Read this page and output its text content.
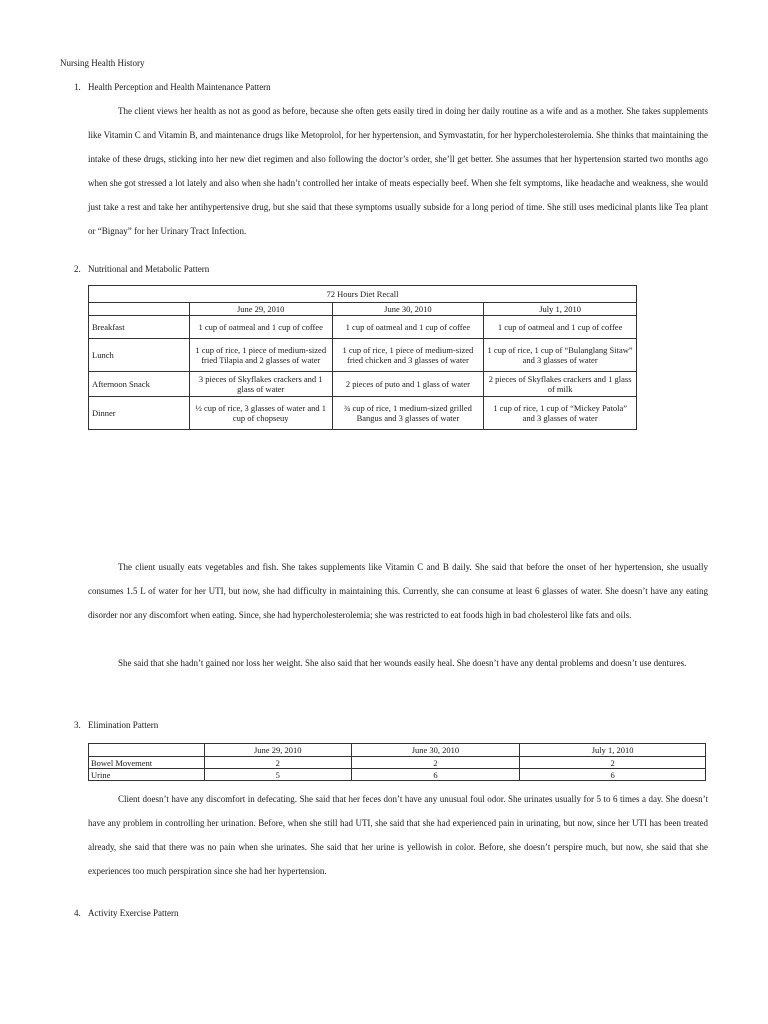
Nursing Health History
1. Health Perception and Health Maintenance Pattern
The client views her health as not as good as before, because she often gets easily tired in doing her daily routine as a wife and as a mother. She takes supplements like Vitamin C and Vitamin B, and maintenance drugs like Metoprolol, for her hypertension, and Symvastatin, for her hypercholesterolemia. She thinks that maintaining the intake of these drugs, sticking into her new diet regimen and also following the doctor’s order, she’ll get better. She assumes that her hypertension started two months ago when she got stressed a lot lately and also when she hadn’t controlled her intake of meats especially beef. When she felt symptoms, like headache and weakness, she would just take a rest and take her antihypertensive drug, but she said that these symptoms usually subside for a long period of time. She still uses medicinal plants like Tea plant or “Bignay” for her Urinary Tract Infection.
2. Nutritional and Metabolic Pattern
72 Hours Diet Recall			
	June 29, 2010	June 30, 2010	July 1, 2010
Breakfast	1 cup of oatmeal and 1 cup of coffee	1 cup of oatmeal and 1 cup of coffee	1 cup of oatmeal and 1 cup of coffee
Lunch	1 cup of rice, 1 piece of medium-sized fried Tilapia and 2 glasses of water	1 cup of rice, 1 piece of medium-sized fried chicken and 3 glasses of water	1 cup of rice, 1 cup of “Bulanglang Sitaw” and 3 glasses of water
Afternoon Snack	3 pieces of Skyflakes crackers and 1 glass of water	2 pieces of puto and 1 glass of water	2 pieces of Skyflakes crackers and 1 glass of milk
Dinner	½ cup of rice, 3 glasses of water and 1 cup of chopseuy	¾ cup of rice, 1 medium-sized grilled Bangus and 3 glasses of water	1 cup of rice, 1 cup of “Mickey Patola” and 3 glasses of water
The client usually eats vegetables and fish. She takes supplements like Vitamin C and B daily. She said that before the onset of her hypertension, she usually consumes 1.5 L of water for her UTI, but now, she had difficulty in maintaining this. Currently, she can consume at least 6 glasses of water. She doesn’t have any eating disorder nor any discomfort when eating. Since, she had hypercholesterolemia; she was restricted to eat foods high in bad cholesterol like fats and oils.
She said that she hadn’t gained nor loss her weight. She also said that her wounds easily heal. She doesn’t have any dental problems and doesn’t use dentures.
3. Elimination Pattern
	June 29, 2010	June 30, 2010	July 1, 2010
Bowel Movement	2	2	2
Urine	5	6	6
Client doesn’t have any discomfort in defecating. She said that her feces don’t have any unusual foul odor. She urinates usually for 5 to 6 times a day. She doesn’t have any problem in controlling her urination. Before, when she still had UTI, she said that she had experienced pain in urinating, but now, since her UTI has been treated already, she said that there was no pain when she urinates. She said that her urine is yellowish in color. Before, she doesn’t perspire much, but now, she said that she experiences too much perspiration since she had her hypertension.
4. Activity Exercise Pattern
